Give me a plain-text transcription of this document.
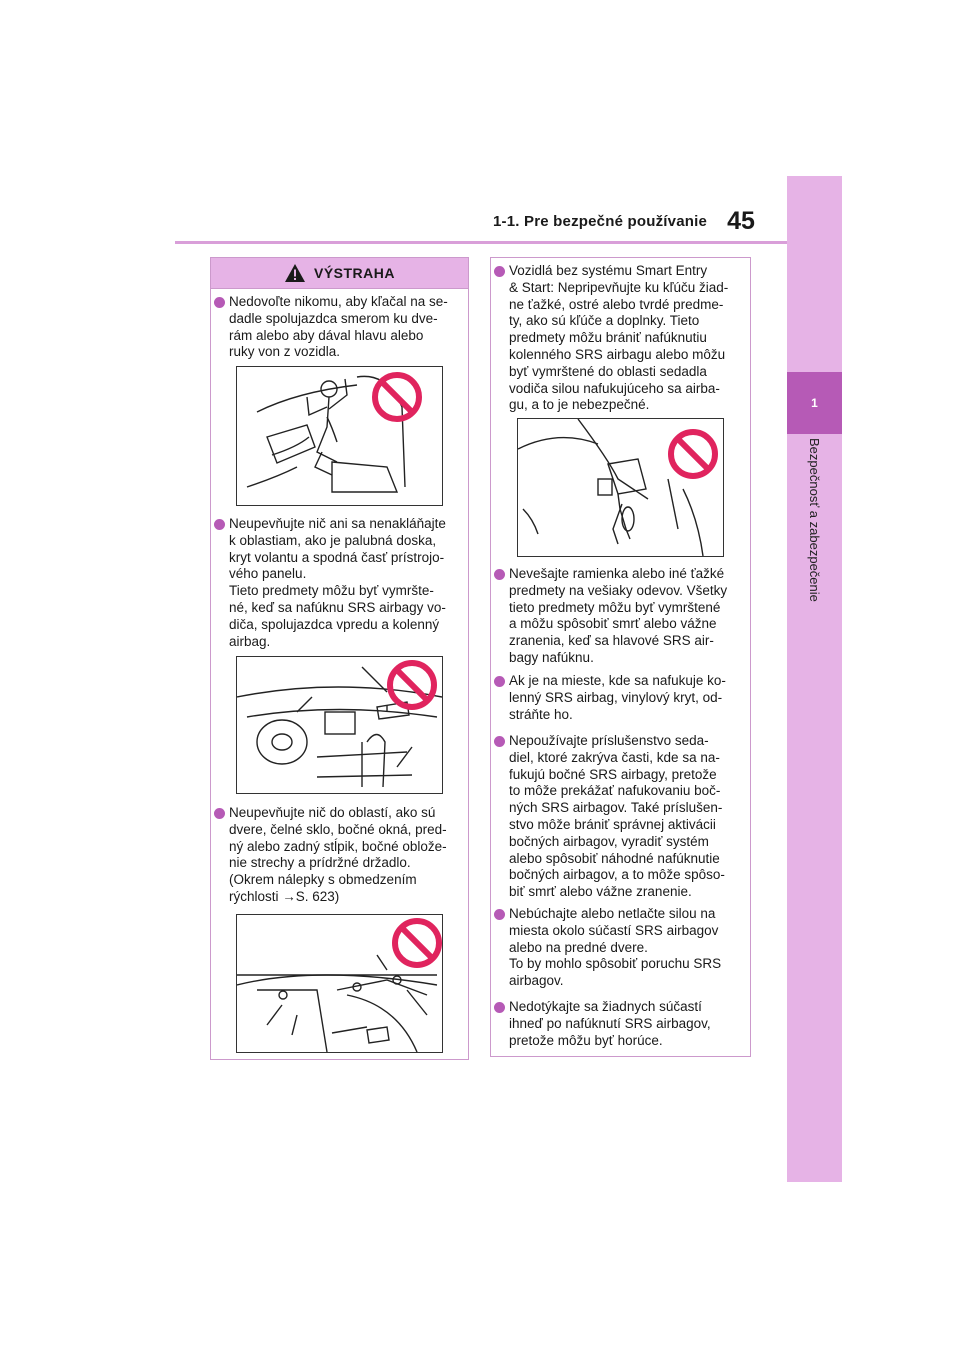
1-1. Pre bezpečné používanie 45
1
Bezpečnosť a zabezpečenie
VÝSTRAHA
Nedovoľte nikomu, aby kľačal na se-
dadle spolujazdca smerom ku dve-
rám alebo aby dával hlavu alebo
ruky von z vozidla.
Neupevňujte nič ani sa nenakláňajte
k oblastiam, ako je palubná doska,
kryt volantu a spodná časť prístrojo-
vého panelu.
Tieto predmety môžu byť vymršte-
né, keď sa nafúknu SRS airbagy vo-
diča, spolujazdca vpredu a kolenný
airbag.
Neupevňujte nič do oblastí, ako sú
dvere, čelné sklo, bočné okná, pred-
ný alebo zadný stĺpik, bočné oblože-
nie strechy a prídržné držadlo.
(Okrem nálepky s obmedzením
rýchlosti →S. 623)
Vozidlá bez systému Smart Entry
& Start: Nepripevňujte ku kľúču žiad-
ne ťažké, ostré alebo tvrdé predme-
ty, ako sú kľúče a doplnky. Tieto
predmety môžu brániť nafúknutiu
kolenného SRS airbagu alebo môžu
byť vymrštené do oblasti sedadla
vodiča silou nafukujúceho sa airba-
gu, a to je nebezpečné.
Nevešajte ramienka alebo iné ťažké
predmety na vešiaky odevov. Všetky
tieto predmety môžu byť vymrštené
a môžu spôsobiť smrť alebo vážne
zranenia, keď sa hlavové SRS air-
bagy nafúknu.
Ak je na mieste, kde sa nafukuje ko-
lenný SRS airbag, vinylový kryt, od-
stráňte ho.
Nepoužívajte príslušenstvo seda-
diel, ktoré zakrýva časti, kde sa na-
fukujú bočné SRS airbagy, pretože
to môže prekážať nafukovaniu boč-
ných SRS airbagov. Také príslušen-
stvo môže brániť správnej aktivácii
bočných airbagov, vyradiť systém
alebo spôsobiť náhodné nafúknutie
bočných airbagov, a to môže spôso-
biť smrť alebo vážne zranenie.
Nebúchajte alebo netlačte silou na
miesta okolo súčastí SRS airbagov
alebo na predné dvere.
To by mohlo spôsobiť poruchu SRS
airbagov.
Nedotýkajte sa žiadnych súčastí
ihneď po nafúknutí SRS airbagov,
pretože môžu byť horúce.
